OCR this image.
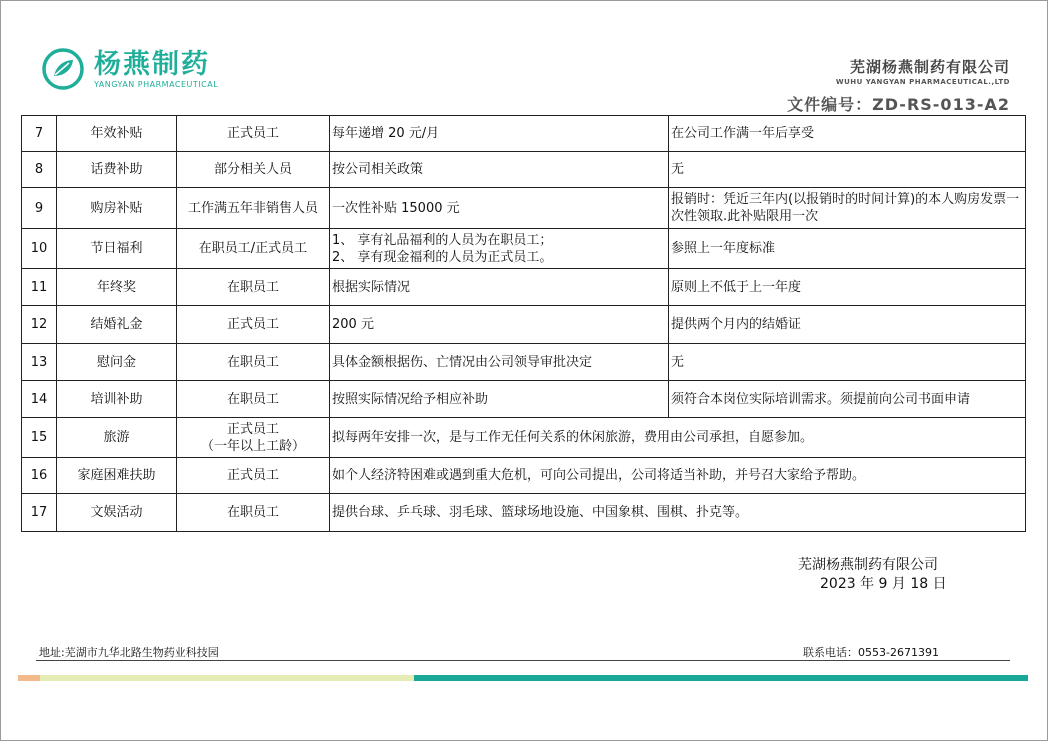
杨燕制药
YANGYAN PHARMACEUTICAL
芜湖杨燕制药有限公司
WUHU YANGYAN PHARMACEUTICAL.,LTD
文件编号：ZD-RS-013-A2
7	年效补贴	正式员工	每年递增 20 元/月	在公司工作满一年后享受
8	话费补助	部分相关人员	按公司相关政策	无
9	购房补贴	工作满五年非销售人员	一次性补贴 15000 元	报销时：凭近三年内(以报销时的时间计算)的本人购房发票一次性领取.此补贴限用一次
10	节日福利	在职员工/正式员工	1、 享有礼品福利的人员为在职员工；
2、 享有现金福利的人员为正式员工。	参照上一年度标准
11	年终奖	在职员工	根据实际情况	原则上不低于上一年度
12	结婚礼金	正式员工	200 元	提供两个月内的结婚证
13	慰问金	在职员工	具体金额根据伤、亡情况由公司领导审批决定	无
14	培训补助	在职员工	按照实际情况给予相应补助	须符合本岗位实际培训需求。须提前向公司书面申请
15	旅游	正式员工
（一年以上工龄）	拟每两年安排一次，是与工作无任何关系的休闲旅游，费用由公司承担，自愿参加。	
16	家庭困难扶助	正式员工	如个人经济特困难或遇到重大危机，可向公司提出，公司将适当补助，并号召大家给予帮助。	
17	文娱活动	在职员工	提供台球、乒乓球、羽毛球、篮球场地设施、中国象棋、围棋、扑克等。	
芜湖杨燕制药有限公司
2023 年 9 月 18 日
地址:芜湖市九华北路生物药业科技园	联系电话：0553-2671391
